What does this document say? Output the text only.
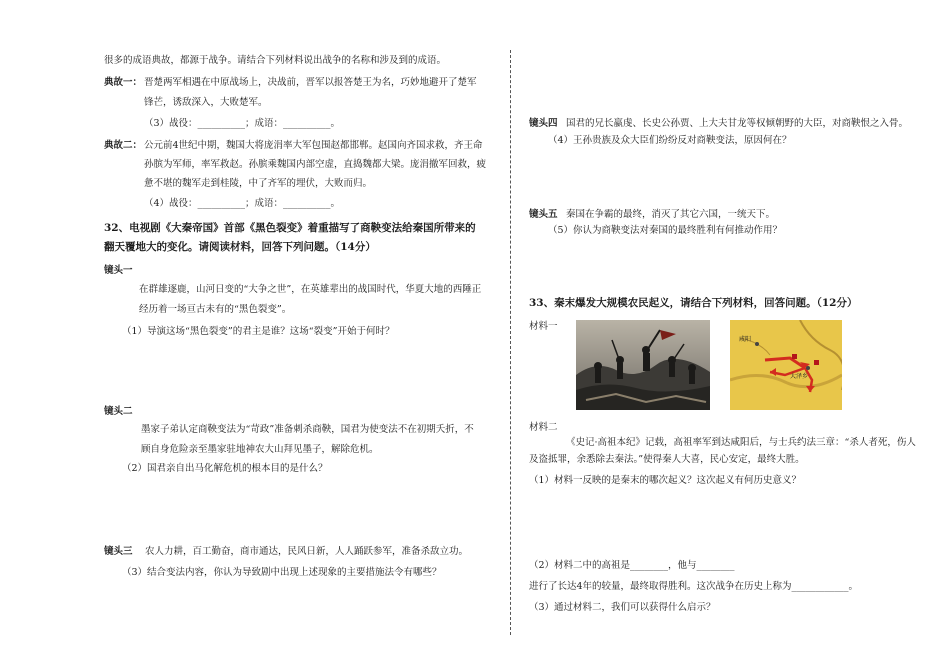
很多的成语典故，都源于战争。请结合下列材料说出战争的名称和涉及到的成语。
典故一： 晋楚两军相遇在中原战场上，决战前，晋军以报答楚王为名，巧妙地避开了楚军
锋芒，诱敌深入，大败楚军。
（3）战役：__________；成语：__________。
典故二： 公元前4世纪中期，魏国大将庞涓率大军包围赵都邯郸。赵国向齐国求救，齐王命
孙膑为军师，率军救赵。孙膑乘魏国内部空虚，直捣魏都大梁。庞涓撤军回救，疲
惫不堪的魏军走到桂陵，中了齐军的埋伏，大败而归。
（4）战役：__________；成语：__________。
32、电视剧《大秦帝国》首部《黑色裂变》着重描写了商鞅变法给秦国所带来的
翻天覆地大的变化。请阅读材料，回答下列问题。（14分）
镜头一
在群雄逐鹿，山河日变的“大争之世”，在英雄辈出的战国时代，华夏大地的西陲正
经历着一场亘古未有的“黑色裂变”。
（1）导演这场“黑色裂变”的君主是谁？这场“裂变”开始于何时？
镜头二
墨家子弟认定商鞅变法为“苛政”准备刺杀商鞅，国君为使变法不在初期夭折，不
顾自身危险亲至墨家驻地神农大山拜见墨子，解除危机。
（2）国君亲自出马化解危机的根本目的是什么？
镜头三 农人力耕，百工勤奋，商市通达，民风日新，人人踊跃参军，准备杀敌立功。
（3）结合变法内容，你认为导致剧中出现上述现象的主要措施法令有哪些？
镜头四 国君的兄长嬴虔、长史公孙贾、上大夫甘龙等权倾朝野的大臣，对商鞅恨之入骨。
（4）王孙贵族及众大臣们纷纷反对商鞅变法，原因何在？
镜头五 秦国在争霸的最终，消灭了其它六国，一统天下。
（5）你认为商鞅变法对秦国的最终胜利有何推动作用？
33、秦末爆发大规模农民起义，请结合下列材料，回答问题。（12分）
材料一
咸阳
大泽乡
材料二
《史记·高祖本纪》记载，高祖率军到达咸阳后，与士兵约法三章：“杀人者死，伤人
及盗抵罪，余悉除去秦法。”使得秦人大喜，民心安定，最终大胜。
（1）材料一反映的是秦末的哪次起义？这次起义有何历史意义？
（2）材料二中的高祖是________，他与________
进行了长达4年的较量，最终取得胜利。这次战争在历史上称为____________。
（3）通过材料二，我们可以获得什么启示？
